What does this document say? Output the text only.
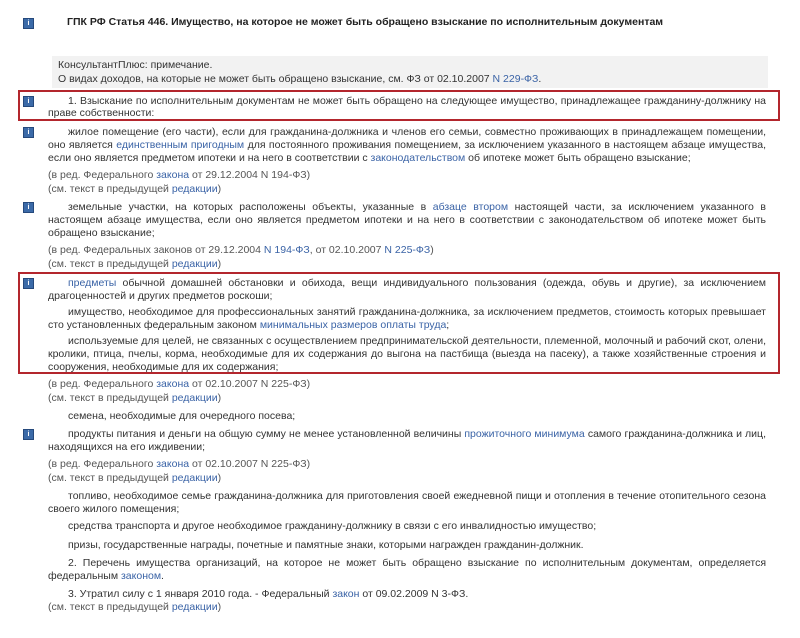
i	ГПК РФ Статья 446. Имущество, на которое не может быть обращено взыскание по исполнительным документам
КонсультантПлюс: примечание.
О видах доходов, на которые не может быть обращено взыскание, см. ФЗ от 02.10.2007 N 229-ФЗ.
i	1. Взыскание по исполнительным документам не может быть обращено на следующее имущество, принадлежащее гражданину-должнику на
праве собственности:
i	жилое помещение (его части), если для гражданина-должника и членов его семьи, совместно проживающих в принадлежащем помещении,
оно является единственным пригодным для постоянного проживания помещением, за исключением указанного в настоящем абзаце имущества,
если оно является предметом ипотеки и на него в соответствии с законодательством об ипотеке может быть обращено взыскание;
(в ред. Федерального закона от 29.12.2004 N 194-ФЗ)
(см. текст в предыдущей редакции)
i	земельные участки, на которых расположены объекты, указанные в абзаце втором настоящей части, за исключением указанного в
настоящем абзаце имущества, если оно является предметом ипотеки и на него в соответствии с законодательством об ипотеке может быть
обращено взыскание;
(в ред. Федеральных законов от 29.12.2004 N 194-ФЗ, от 02.10.2007 N 225-ФЗ)
(см. текст в предыдущей редакции)
i	предметы обычной домашней обстановки и обихода, вещи индивидуального пользования (одежда, обувь и другие), за исключением
драгоценностей и других предметов роскоши;
имущество, необходимое для профессиональных занятий гражданина-должника, за исключением предметов, стоимость которых превышает
сто установленных федеральным законом минимальных размеров оплаты труда;
используемые для целей, не связанных с осуществлением предпринимательской деятельности, племенной, молочный и рабочий скот, олени,
кролики, птица, пчелы, корма, необходимые для их содержания до выгона на пастбища (выезда на пасеку), а также хозяйственные строения и
сооружения, необходимые для их содержания;
(в ред. Федерального закона от 02.10.2007 N 225-ФЗ)
(см. текст в предыдущей редакции)
семена, необходимые для очередного посева;
i	продукты питания и деньги на общую сумму не менее установленной величины прожиточного минимума самого гражданина-должника и лиц,
находящихся на его иждивении;
(в ред. Федерального закона от 02.10.2007 N 225-ФЗ)
(см. текст в предыдущей редакции)
топливо, необходимое семье гражданина-должника для приготовления своей ежедневной пищи и отопления в течение отопительного сезона
своего жилого помещения;
средства транспорта и другое необходимое гражданину-должнику в связи с его инвалидностью имущество;
призы, государственные награды, почетные и памятные знаки, которыми награжден гражданин-должник.
2. Перечень имущества организаций, на которое не может быть обращено взыскание по исполнительным документам, определяется
федеральным законом.
3. Утратил силу с 1 января 2010 года. - Федеральный закон от 09.02.2009 N 3-ФЗ.
(см. текст в предыдущей редакции)
